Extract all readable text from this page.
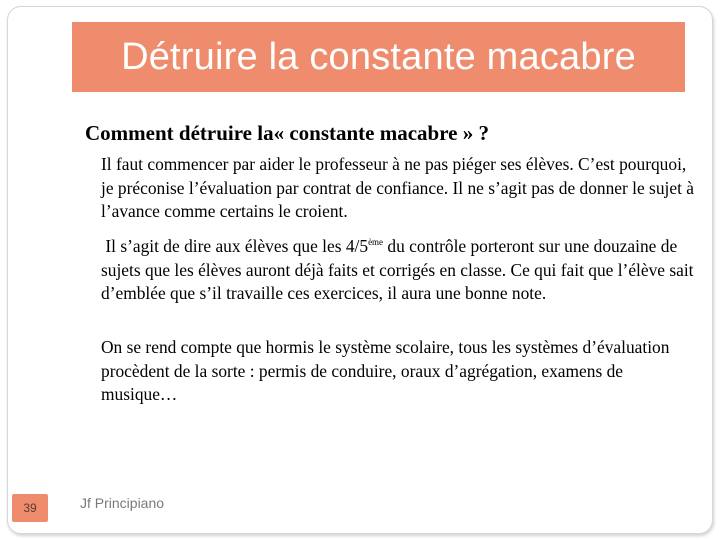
Détruire la constante macabre
Comment détruire la« constante macabre » ?
Il faut commencer par aider le professeur à ne pas piéger ses élèves. C’est pourquoi, je préconise l’évaluation par contrat de confiance. Il ne s’agit pas de donner le sujet à l’avance comme certains le croient.
Il s’agit de dire aux élèves que les 4/5ème du contrôle porteront sur une douzaine de sujets que les élèves auront déjà faits et corrigés en classe. Ce qui fait que l’élève sait d’emblée que s’il travaille ces exercices, il aura une bonne note.
On se rend compte que hormis le système scolaire, tous les systèmes d’évaluation procèdent de la sorte : permis de conduire, oraux d’agrégation, examens de musique…
39	Jf Principiano
